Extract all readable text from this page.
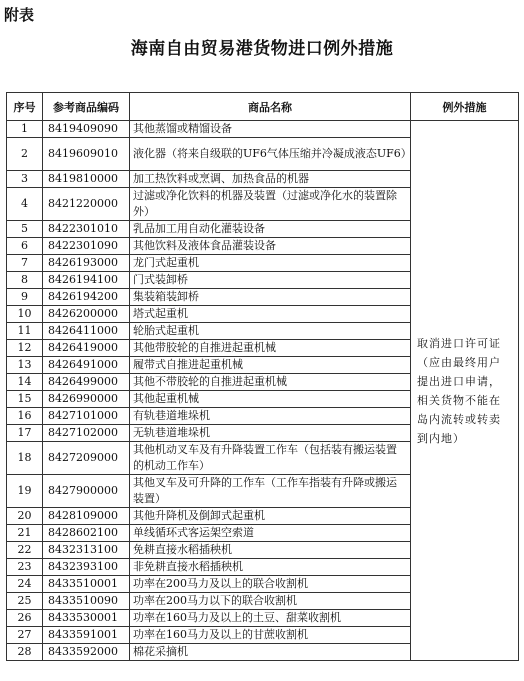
附表
海南自由贸易港货物进口例外措施
序号	参考商品编码	商品名称	例外措施
1	8419409090	其他蒸馏或精馏设备	取消进口许可证（应由最终用户提出进口申请，相关货物不能在岛内流转或转卖到内地）
2	8419609010	液化器（将来自级联的UF6气体压缩并冷凝成液态UF6）	
3	8419810000	加工热饮料或烹调、加热食品的机器	
4	8421220000	过滤或净化饮料的机器及装置（过滤或净化水的装置除外）	
5	8422301010	乳品加工用自动化灌装设备	
6	8422301090	其他饮料及液体食品灌装设备	
7	8426193000	龙门式起重机	
8	8426194100	门式装卸桥	
9	8426194200	集装箱装卸桥	
10	8426200000	塔式起重机	
11	8426411000	轮胎式起重机	
12	8426419000	其他带胶轮的自推进起重机械	
13	8426491000	履带式自推进起重机械	
14	8426499000	其他不带胶轮的自推进起重机械	
15	8426990000	其他起重机械	
16	8427101000	有轨巷道堆垛机	
17	8427102000	无轨巷道堆垛机	
18	8427209000	其他机动叉车及有升降装置工作车（包括装有搬运装置的机动工作车）	
19	8427900000	其他叉车及可升降的工作车（工作车指装有升降或搬运装置）	
20	8428109000	其他升降机及倒卸式起重机	
21	8428602100	单线循环式客运架空索道	
22	8432313100	免耕直接水稻插秧机	
23	8432393100	非免耕直接水稻插秧机	
24	8433510001	功率在200马力及以上的联合收割机	
25	8433510090	功率在200马力以下的联合收割机	
26	8433530001	功率在160马力及以上的土豆、甜菜收割机	
27	8433591001	功率在160马力及以上的甘蔗收割机	
28	8433592000	棉花采摘机	
